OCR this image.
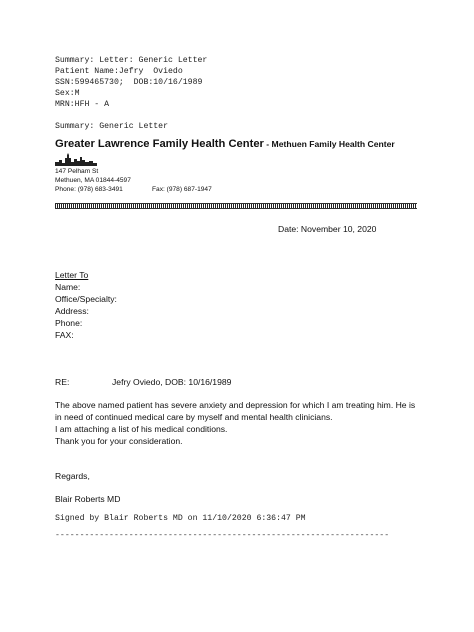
Summary: Letter: Generic Letter
Patient Name:Jefry  Oviedo
SSN:599465730;  DOB:10/16/1989
Sex:M
MRN:HFH - A
Summary: Generic Letter
Greater Lawrence Family Health Center - Methuen Family Health Center
147 Pelham St
Methuen, MA 01844-4597
Phone: (978) 683-3491	Fax: (978) 687-1947
Date: November 10, 2020
Letter To
Name:
Office/Specialty:
Address:
Phone:
FAX:
RE:	Jefry Oviedo, DOB: 10/16/1989
The above named patient has severe anxiety and depression for which I am treating him. He is
in need of continued medical care by myself and mental health clinicians.
I am attaching a list of his medical conditions.
Thank you for your consideration.
Regards,
Blair Roberts MD
Signed by Blair Roberts MD on 11/10/2020 6:36:47 PM
--------------------------------------------------------------------
